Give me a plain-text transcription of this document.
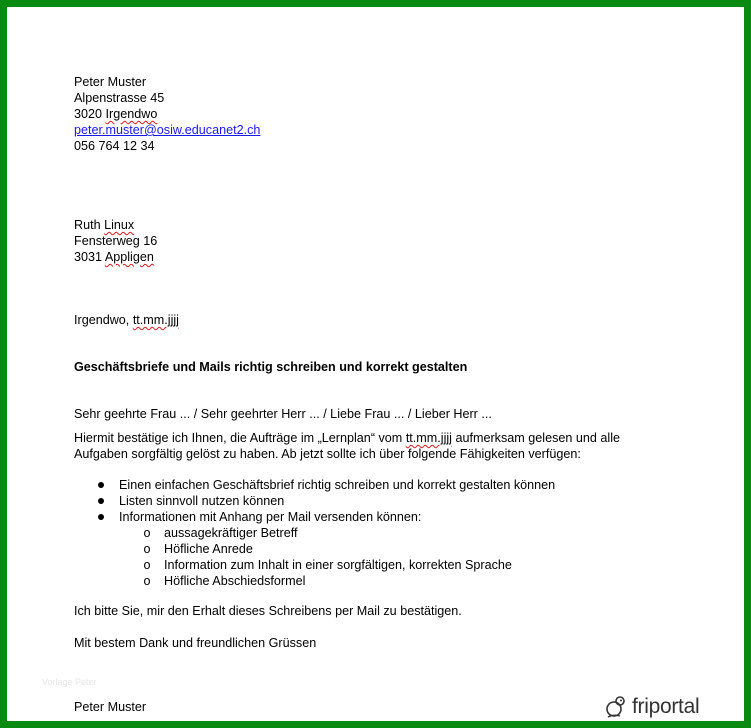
Peter Muster
Alpenstrasse 45
3020 Irgendwo
peter.muster@osiw.educanet2.ch
056 764 12 34
Ruth Linux
Fensterweg 16
3031 Appligen
Irgendwo, tt.mm.jjjj
Geschäftsbriefe und Mails richtig schreiben und korrekt gestalten
Sehr geehrte Frau ... / Sehr geehrter Herr ... / Liebe Frau ... / Lieber Herr ...
Hiermit bestätige ich Ihnen, die Aufträge im „Lernplan“ vom tt.mm.jjjj aufmerksam gelesen und alle
Aufgaben sorgfältig gelöst zu haben. Ab jetzt sollte ich über folgende Fähigkeiten verfügen:
Einen einfachen Geschäftsbrief richtig schreiben und korrekt gestalten können
Listen sinnvoll nutzen können
Informationen mit Anhang per Mail versenden können:
o aussagekräftiger Betreff
o Höfliche Anrede
o Information zum Inhalt in einer sorgfältigen, korrekten Sprache
o Höfliche Abschiedsformel
Ich bitte Sie, mir den Erhalt dieses Schreibens per Mail zu bestätigen.
Mit bestem Dank und freundlichen Grüssen
Peter Muster
Vorlage Peter
friportal
